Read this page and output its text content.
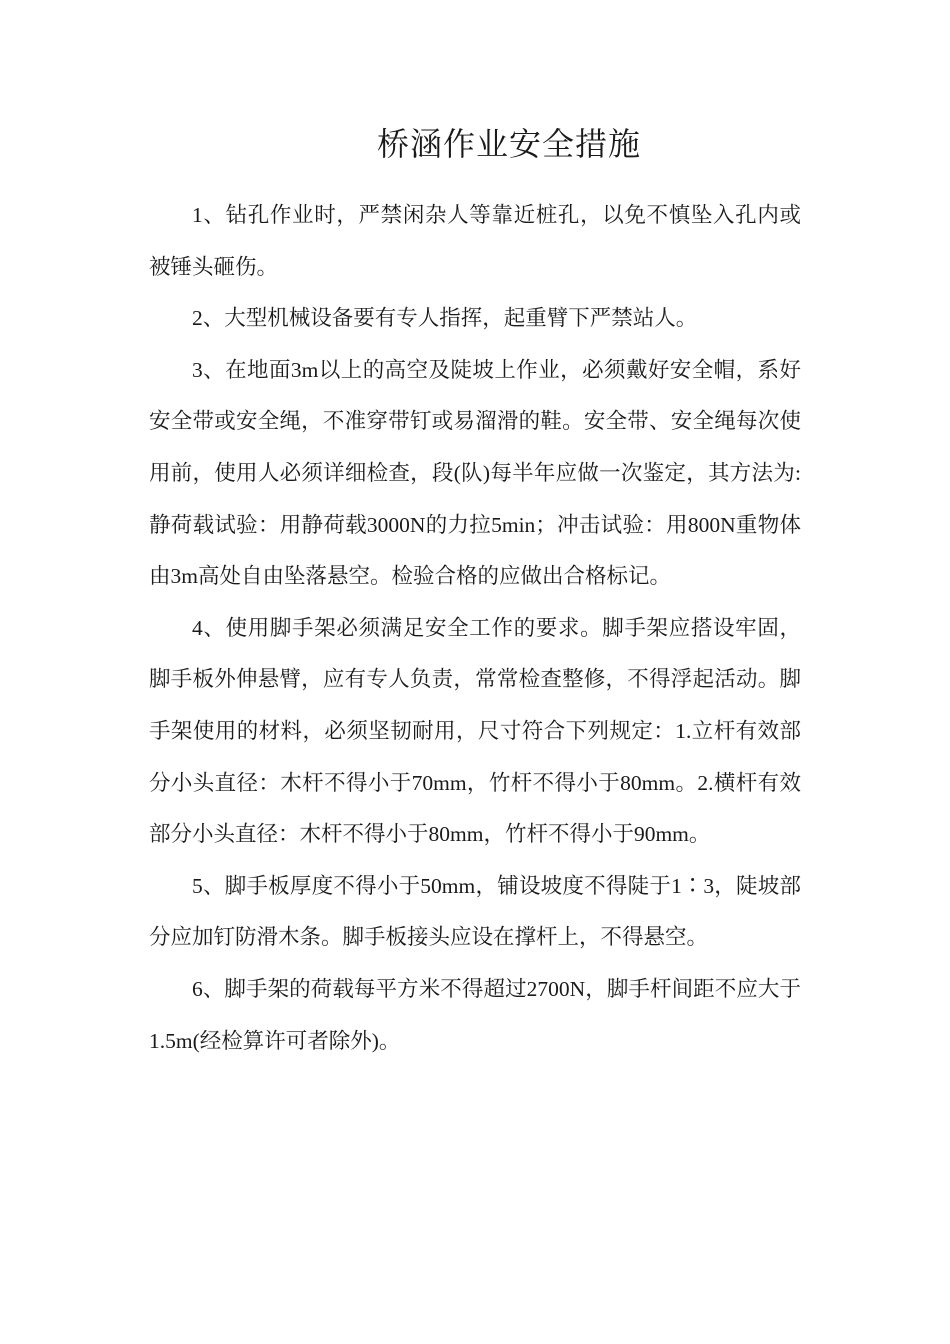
桥涵作业安全措施

1、钻孔作业时，严禁闲杂人等靠近桩孔，以免不慎坠入孔内或被锤头砸伤。

2、大型机械设备要有专人指挥，起重臂下严禁站人。

3、在地面3m以上的高空及陡坡上作业，必须戴好安全帽，系好安全带或安全绳，不准穿带钉或易溜滑的鞋。安全带、安全绳每次使用前，使用人必须详细检查，段(队)每半年应做一次鉴定，其方法为:静荷载试验：用静荷载3000N的力拉5min；冲击试验：用800N重物体由3m高处自由坠落悬空。检验合格的应做出合格标记。

4、使用脚手架必须满足安全工作的要求。脚手架应搭设牢固，脚手板外伸悬臂，应有专人负责，常常检查整修，不得浮起活动。脚手架使用的材料，必须坚韧耐用，尺寸符合下列规定：1.立杆有效部分小头直径：木杆不得小于70mm，竹杆不得小于80mm。2.横杆有效部分小头直径：木杆不得小于80mm，竹杆不得小于90mm。

5、脚手板厚度不得小于50mm，铺设坡度不得陡于1∶3，陡坡部分应加钉防滑木条。脚手板接头应设在撑杆上，不得悬空。

6、脚手架的荷载每平方米不得超过2700N，脚手杆间距不应大于1.5m(经检算许可者除外)。
